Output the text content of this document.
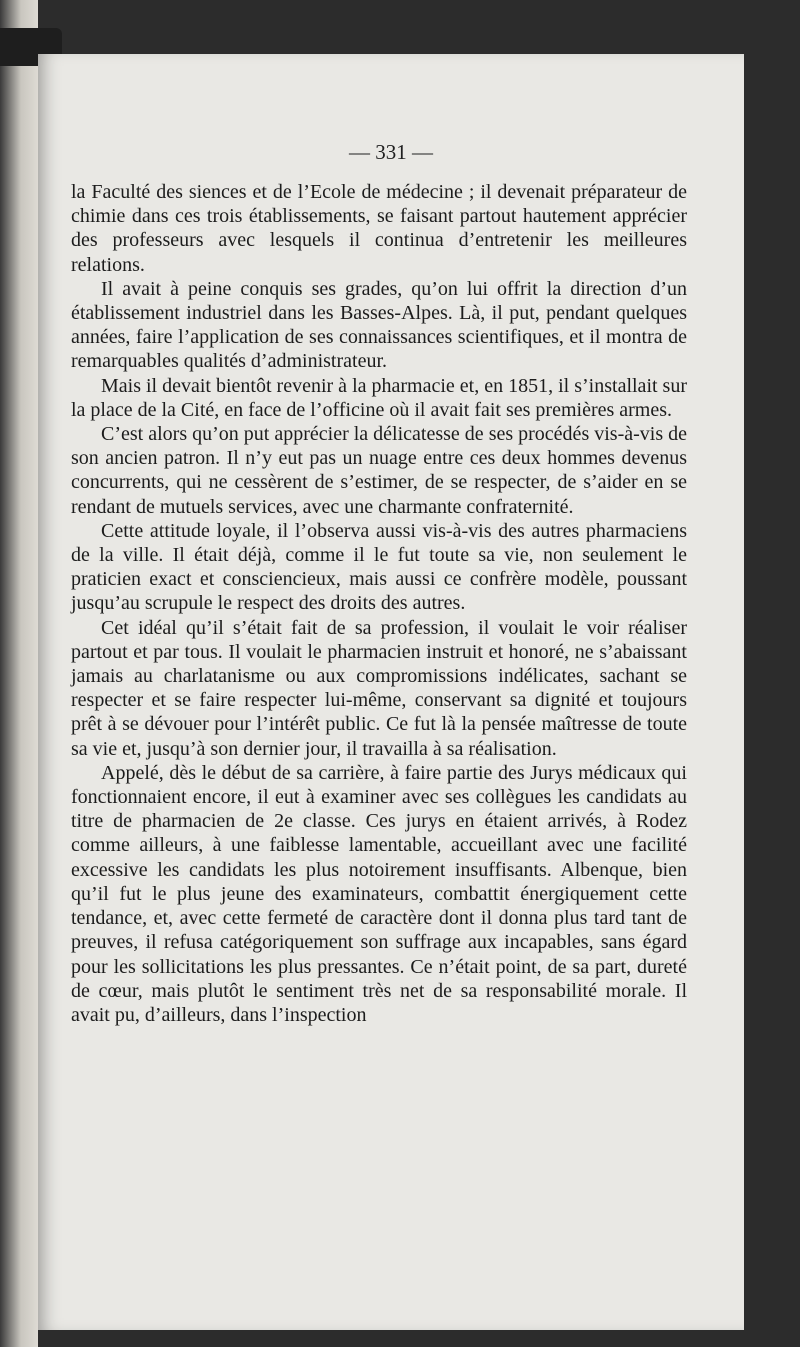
— 331 —

la Faculté des siences et de l’Ecole de médecine ; il devenait préparateur de chimie dans ces trois établissements, se faisant partout hautement apprécier des professeurs avec lesquels il continua d’entretenir les meilleures relations.

Il avait à peine conquis ses grades, qu’on lui offrit la direction d’un établissement industriel dans les Basses-Alpes. Là, il put, pendant quelques années, faire l’application de ses connaissances scientifiques, et il montra de remarquables qualités d’administrateur.

Mais il devait bientôt revenir à la pharmacie et, en 1851, il s’installait sur la place de la Cité, en face de l’officine où il avait fait ses premières armes.

C’est alors qu’on put apprécier la délicatesse de ses procédés vis-à-vis de son ancien patron. Il n’y eut pas un nuage entre ces deux hommes devenus concurrents, qui ne cessèrent de s’estimer, de se respecter, de s’aider en se rendant de mutuels services, avec une charmante confraternité.

Cette attitude loyale, il l’observa aussi vis-à-vis des autres pharmaciens de la ville. Il était déjà, comme il le fut toute sa vie, non seulement le praticien exact et consciencieux, mais aussi ce confrère modèle, poussant jusqu’au scrupule le respect des droits des autres.

Cet idéal qu’il s’était fait de sa profession, il voulait le voir réaliser partout et par tous. Il voulait le pharmacien instruit et honoré, ne s’abaissant jamais au charlatanisme ou aux compromissions indélicates, sachant se respecter et se faire respecter lui-même, conservant sa dignité et toujours prêt à se dévouer pour l’intérêt public. Ce fut là la pensée maîtresse de toute sa vie et, jusqu’à son dernier jour, il travailla à sa réalisation.

Appelé, dès le début de sa carrière, à faire partie des Jurys médicaux qui fonctionnaient encore, il eut à examiner avec ses collègues les candidats au titre de pharmacien de 2e classe. Ces jurys en étaient arrivés, à Rodez comme ailleurs, à une faiblesse lamentable, accueillant avec une facilité excessive les candidats les plus notoirement insuffisants. Albenque, bien qu’il fut le plus jeune des examinateurs, combattit énergiquement cette tendance, et, avec cette fermeté de caractère dont il donna plus tard tant de preuves, il refusa catégoriquement son suffrage aux incapables, sans égard pour les sollicitations les plus pressantes. Ce n’était point, de sa part, dureté de cœur, mais plutôt le sentiment très net de sa responsabilité morale. Il avait pu, d’ailleurs, dans l’inspection
